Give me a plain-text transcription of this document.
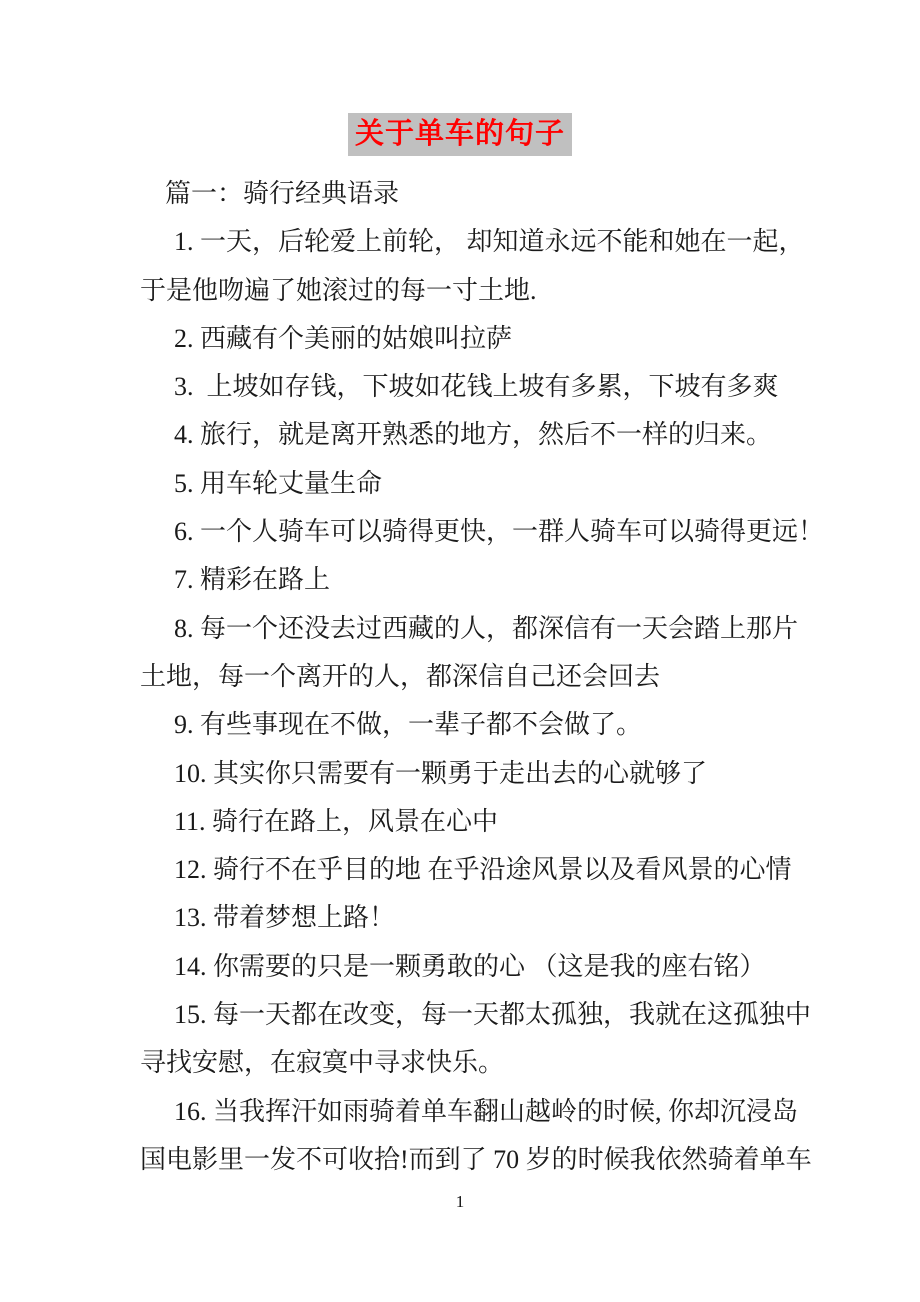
关于单车的句子
篇一：骑行经典语录
1. 一天，后轮爱上前轮， 却知道永远不能和她在一起，
于是他吻遍了她滚过的每一寸土地.
2. 西藏有个美丽的姑娘叫拉萨
3.  上坡如存钱，下坡如花钱上坡有多累，下坡有多爽
4. 旅行，就是离开熟悉的地方，然后不一样的归来。
5. 用车轮丈量生命
6. 一个人骑车可以骑得更快，一群人骑车可以骑得更远！
7. 精彩在路上
8. 每一个还没去过西藏的人，都深信有一天会踏上那片
土地，每一个离开的人，都深信自己还会回去
9. 有些事现在不做，一辈子都不会做了。
10. 其实你只需要有一颗勇于走出去的心就够了
11. 骑行在路上，风景在心中
12. 骑行不在乎目的地 在乎沿途风景以及看风景的心情
13. 带着梦想上路！
14. 你需要的只是一颗勇敢的心 （这是我的座右铭）
15. 每一天都在改变，每一天都太孤独，我就在这孤独中
寻找安慰，在寂寞中寻求快乐。
16. 当我挥汗如雨骑着单车翻山越岭的时候, 你却沉浸岛
国电影里一发不可收拾!而到了 70 岁的时候我依然骑着单车
1
